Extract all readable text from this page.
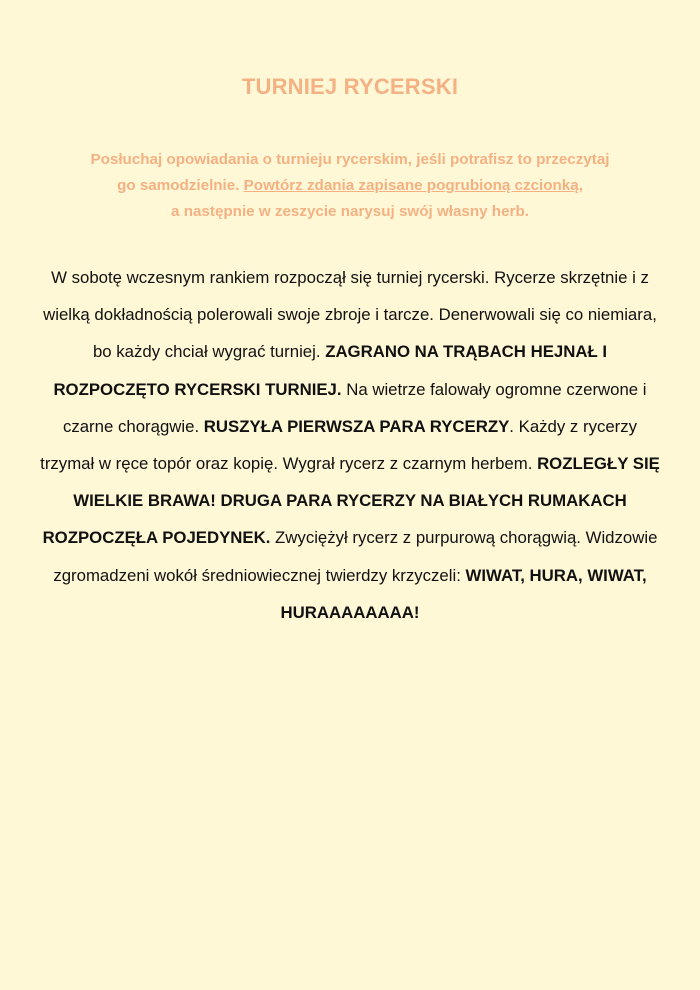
TURNIEJ RYCERSKI
Posłuchaj opowiadania o turnieju rycerskim, jeśli potrafisz to przeczytaj
go samodzielnie. Powtórz zdania zapisane pogrubioną czcionką,
a następnie w zeszycie narysuj swój własny herb.
W sobotę wczesnym rankiem rozpoczął się turniej rycerski. Rycerze skrzętnie i z wielką dokładnością polerowali swoje zbroje i tarcze. Denerwowali się co niemiara, bo każdy chciał wygrać turniej. ZAGRANO NA TRĄBACH HEJNAŁ I ROZPOCZĘTO RYCERSKI TURNIEJ. Na wietrze falowały ogromne czerwone i czarne chorągwie. RUSZYŁA PIERWSZA PARA RYCERZY. Każdy z rycerzy trzymał w ręce topór oraz kopię. Wygrał rycerz z czarnym herbem. ROZLEGŁY SIĘ WIELKIE BRAWA! DRUGA PARA RYCERZY NA BIAŁYCH RUMAKACH ROZPOCZĘŁA POJEDYNEK. Zwyciężył rycerz z purpurową chorągwią. Widzowie zgromadzeni wokół średniowiecznej twierdzy krzyczeli: WIWAT, HURA, WIWAT, HURAAAAAAAA!
